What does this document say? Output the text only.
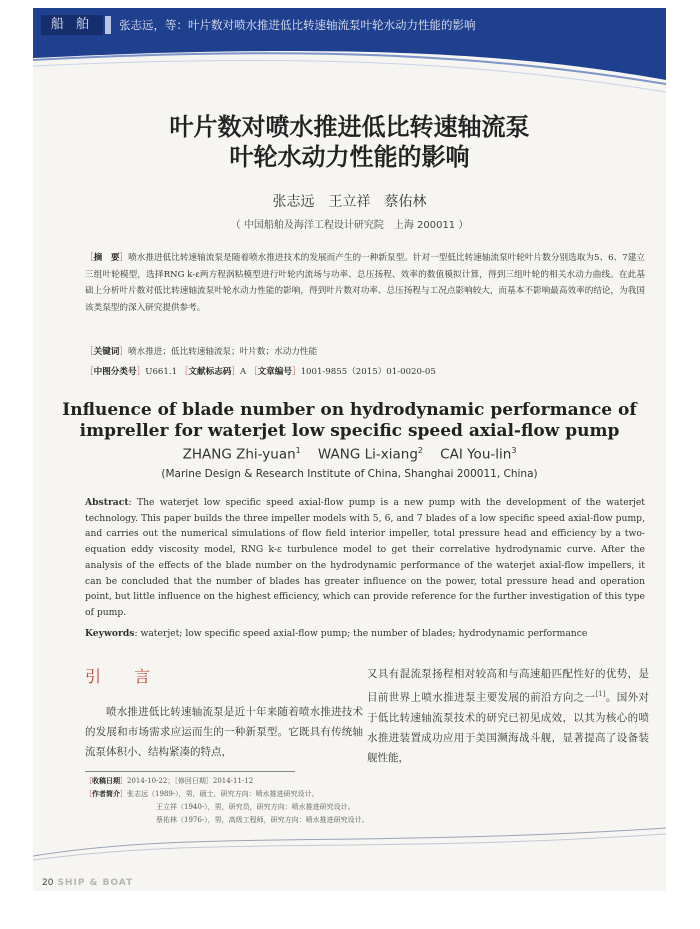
船 舶	张志远，等：叶片数对喷水推进低比转速轴流泵叶轮水动力性能的影响
叶片数对喷水推进低比转速轴流泵
叶轮水动力性能的影响
张志远　王立祥　蔡佑林
（ 中国船舶及海洋工程设计研究院　上海 200011 ）
［摘　要］喷水推进低比转速轴流泵是随着喷水推进技术的发展而产生的一种新泵型。针对一型低比转速轴流泵叶轮叶片数分别选取为5、6、7建立三组叶轮模型，选择RNG k-ε两方程涡粘模型进行叶轮内流场与功率、总压扬程、效率的数值模拟计算，得到三组叶轮的相关水动力曲线。在此基础上分析叶片数对低比转速轴流泵叶轮水动力性能的影响，得到叶片数对功率、总压扬程与工况点影响较大，而基本不影响最高效率的结论，为我国该类泵型的深入研究提供参考。
［关键词］喷水推进；低比转速轴流泵；叶片数；水动力性能
［中图分类号］U661.1 ［文献标志码］A ［文章编号］1001-9855（2015）01-0020-05
Influence of blade number on hydrodynamic performance of
impreller for waterjet low specific speed axial-flow pump
ZHANG Zhi-yuan$^1$ WANG Li-xiang$^2$ CAI You-lin$^3$
(Marine Design & Research Institute of China, Shanghai 200011, China)
Abstract: The waterjet low specific speed axial-flow pump is a new pump with the development of the waterjet technology. This paper builds the three impeller models with 5, 6, and 7 blades of a low specific speed axial-flow pump, and carries out the numerical simulations of flow field interior impeller, total pressure head and efficiency by a two-equation eddy viscosity model, RNG k-ε turbulence model to get their correlative hydrodynamic curve. After the analysis of the effects of the blade number on the hydrodynamic performance of the waterjet axial-flow impellers, it can be concluded that the number of blades has greater influence on the power, total pressure head and operation point, but little influence on the highest efficiency, which can provide reference for the further investigation of this type of pump.
Keywords: waterjet; low specific speed axial-flow pump; the number of blades; hydrodynamic performance
引 言
喷水推进低比转速轴流泵是近十年来随着喷水推进技术的发展和市场需求应运而生的一种新泵型。它既具有传统轴流泵体积小、结构紧凑的特点，
又具有混流泵扬程相对较高和与高速船匹配性好的优势，是目前世界上喷水推进泵主要发展的前沿方向之一[1]。国外对于低比转速轴流泵技术的研究已初见成效，以其为核心的喷水推进装置成功应用于美国濒海战斗舰，显著提高了设备装舰性能，
［收稿日期］2014-10-22；［修回日期］2014-11-12
［作者简介］张志远（1989-），男，硕士，研究方向：喷水推进研究设计。
王立祥（1940-），男，研究员，研究方向：喷水推进研究设计。
蔡佑林（1976-），男，高级工程师，研究方向：喷水推进研究设计。
20 SHIP & BOAT
